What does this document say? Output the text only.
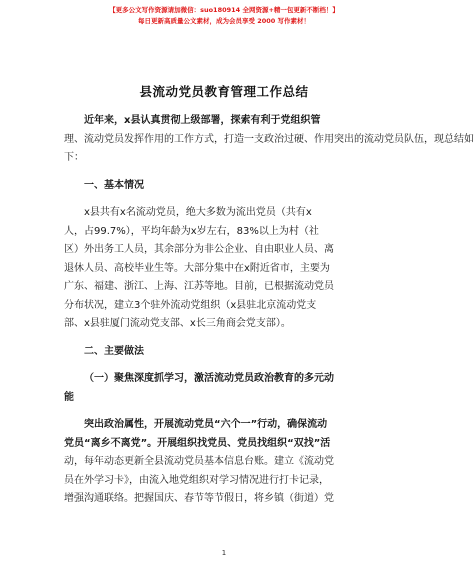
【更多公文写作资源请加微信：suo180914 全网资源+精一包更新不断档！】
每日更新高质量公文素材，成为会员享受 2000 写作素材！
县流动党员教育管理工作总结

近年来，x县认真贯彻上级部署，探索有利于党组织管

理、流动党员发挥作用的工作方式，打造一支政治过硬、作用突出的流动党员队伍，现总结如

下：

一、基本情况

x县共有x名流动党员，绝大多数为流出党员（共有x

人，占99.7%），平均年龄为x岁左右，83%以上为村（社

区）外出务工人员，其余部分为非公企业、自由职业人员、离

退休人员、高校毕业生等。大部分集中在x附近省市，主要为

广东、福建、浙江、上海、江苏等地。目前，已根据流动党员

分布状况，建立3个驻外流动党组织（x县驻北京流动党支

部、x县驻厦门流动党支部、x长三角商会党支部）。

二、主要做法

（一）聚焦深度抓学习，激活流动党员政治教育的多元动

能

突出政治属性，开展流动党员“六个一”行动，确保流动

党员“离乡不离党”。开展组织找党员、党员找组织“双找”活

动，每年动态更新全县流动党员基本信息台账。建立《流动党

员在外学习卡》，由流入地党组织对学习情况进行打卡记录，

增强沟通联络。把握国庆、春节等节假日，将乡镇（街道）党

1
